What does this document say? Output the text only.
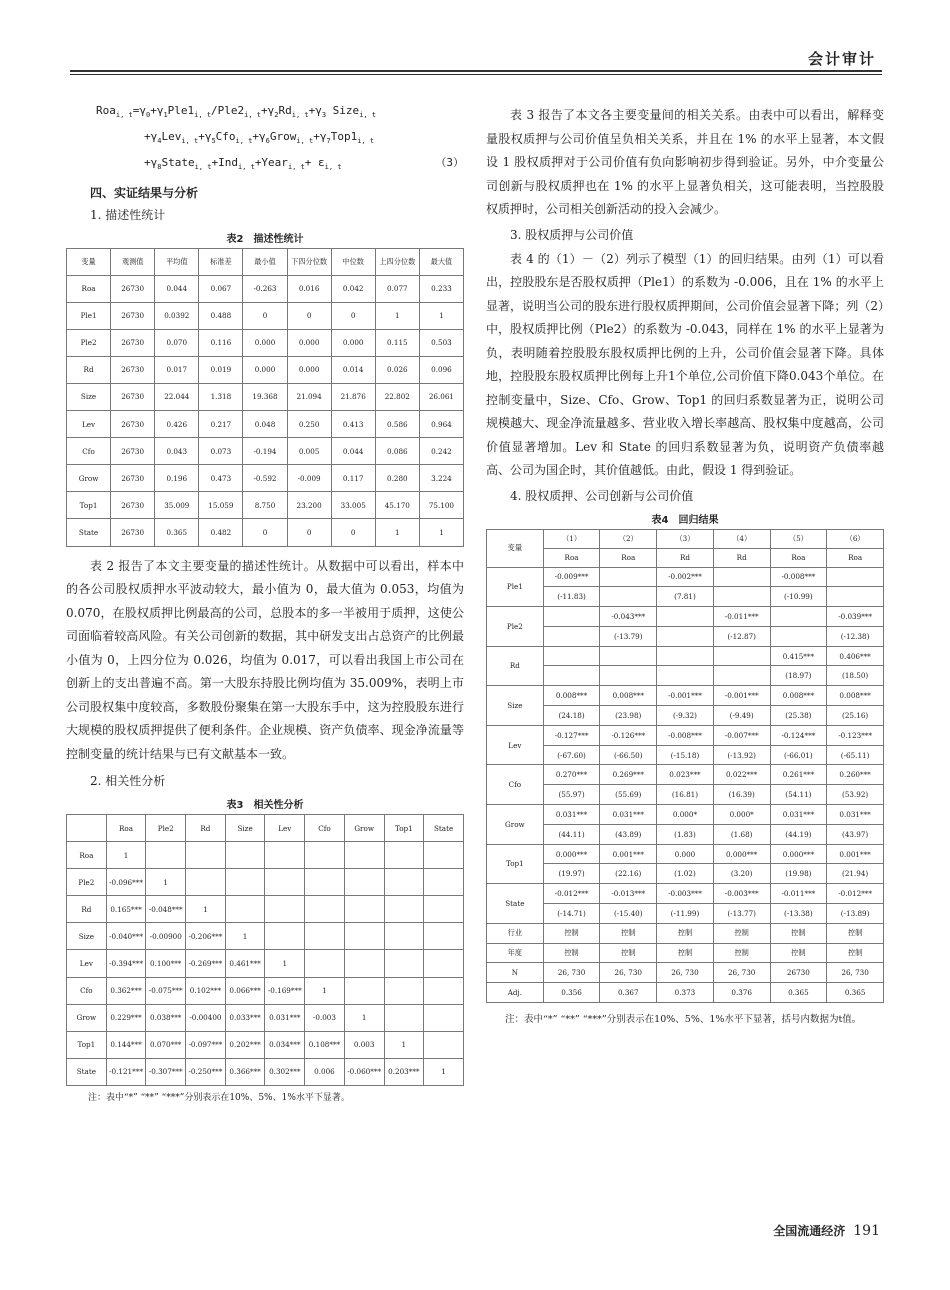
会计审计
$Roa_{i, t}=\gamma_0+\gamma_1Ple1_{i, t}/Ple2_{i, t}+\gamma_2Rd_{i, t}+\gamma_3$ Size$_{i, t}$
$+\gamma_4Lev_{i, t}+\gamma_5Cfo_{i, t}+\gamma_6Grow_{i, t}+\gamma_7Top1_{i, t}$
$+\gamma_8State_{i, t}+Ind_{i, t}+Year_{i, t}+ \varepsilon_{i, t}$	（3）
四、实证结果与分析
1. 描述性统计
表2　描述性统计
变量	观测值	平均值	标准差	最小值	下四分位数	中位数	上四分位数	最大值
Roa	26730	0.044	0.067	-0.263	0.016	0.042	0.077	0.233
Ple1	26730	0.0392	0.488	0	0	0	1	1
Ple2	26730	0.070	0.116	0.000	0.000	0.000	0.115	0.503
Rd	26730	0.017	0.019	0.000	0.000	0.014	0.026	0.096
Size	26730	22.044	1.318	19.368	21.094	21.876	22.802	26.061
Lev	26730	0.426	0.217	0.048	0.250	0.413	0.586	0.964
Cfo	26730	0.043	0.073	-0.194	0.005	0.044	0.086	0.242
Grow	26730	0.196	0.473	-0.592	-0.009	0.117	0.280	3.224
Top1	26730	35.009	15.059	8.750	23.200	33.005	45.170	75.100
State	26730	0.365	0.482	0	0	0	1	1

表 2 报告了本文主要变量的描述性统计。从数据中可以看出，样本中的各公司股权质押水平波动较大，最小值为 0，最大值为 0.053，均值为 0.070，在股权质押比例最高的公司，总股本的多一半被用于质押，这使公司面临着较高风险。有关公司创新的数据，其中研发支出占总资产的比例最小值为 0，上四分位为 0.026，均值为 0.017，可以看出我国上市公司在创新上的支出普遍不高。第一大股东持股比例均值为 35.009%，表明上市公司股权集中度较高，多数股份聚集在第一大股东手中，这为控股股东进行大规模的股权质押提供了便利条件。企业规模、资产负债率、现金净流量等控制变量的统计结果与已有文献基本一致。

2. 相关性分析
表3　相关性分析
	Roa	Ple2	Rd	Size	Lev	Cfo	Grow	Top1	State
Roa	1								
Ple2	-0.096***	1							
Rd	0.165***	-0.048***	1						
Size	-0.040***	-0.00900	-0.206***	1					
Lev	-0.394***	0.100***	-0.269***	0.461***	1				
Cfo	0.362***	-0.075***	0.102***	0.066***	-0.169***	1			
Grow	0.229***	0.038***	-0.00400	0.033***	0.031***	-0.003	1		
Top1	0.144***	0.070***	-0.097***	0.202***	0.034***	0.108***	0.003	1	
State	-0.121***	-0.307***	-0.250***	0.366***	0.302***	0.006	-0.060***	0.203***	1
注：表中“*” “**” “***”分别表示在10%、5%、1%水平下显著。

表 3 报告了本文各主要变量间的相关关系。由表中可以看出，解释变量股权质押与公司价值呈负相关关系，并且在 1% 的水平上显著，本文假设 1 股权质押对于公司价值有负向影响初步得到验证。另外，中介变量公司创新与股权质押也在 1% 的水平上显著负相关，这可能表明，当控股股权质押时，公司相关创新活动的投入会减少。

3. 股权质押与公司价值

表 4 的（1）－（2）列示了模型（1）的回归结果。由列（1）可以看出，控股股东是否股权质押（Ple1）的系数为 -0.006，且在 1% 的水平上显著，说明当公司的股东进行股权质押期间，公司价值会显著下降；列（2）中，股权质押比例（Ple2）的系数为 -0.043，同样在 1% 的水平上显著为负，表明随着控股股东股权质押比例的上升，公司价值会显著下降。具体地，控股股东股权质押比例每上升1个单位,公司价值下降0.043个单位。在控制变量中，Size、Cfo、Grow、Top1 的回归系数显著为正，说明公司规模越大、现金净流量越多、营业收入增长率越高、股权集中度越高，公司价值显著增加。Lev 和 State 的回归系数显著为负，说明资产负债率越高、公司为国企时，其价值越低。由此，假设 1 得到验证。

4. 股权质押、公司创新与公司价值
表4　回归结果
变量	（1）	（2）	（3）	（4）	（5）	（6）
	Roa	Roa	Rd	Rd	Roa	Roa
Ple1	-0.009***		-0.002***		-0.008***	
	(-11.83)		(7.81)		(-10.99)	
Ple2		-0.043***		-0.011***		-0.039***
		(-13.79)		(-12.87)		(-12.38)
Rd					0.415***	0.406***
					(18.97)	(18.50)
Size	0.008***	0.008***	-0.001***	-0.001***	0.008***	0.008***
	(24.18)	(23.98)	(-9.32)	(-9.49)	(25.38)	(25.16)
Lev	-0.127***	-0.126***	-0.008***	-0.007***	-0.124***	-0.123***
	(-67.60)	(-66.50)	(-15.18)	(-13.92)	(-66.01)	(-65.11)
Cfo	0.270***	0.269***	0.023***	0.022***	0.261***	0.260***
	(55.97)	(55.69)	(16.81)	(16.39)	(54.11)	(53.92)
Grow	0.031***	0.031***	0.000*	0.000*	0.031***	0.031***
	(44.11)	(43.89)	(1.83)	(1.68)	(44.19)	(43.97)
Top1	0.000***	0.001***	0.000	0.000***	0.000***	0.001***
	(19.97)	(22.16)	(1.02)	(3.20)	(19.98)	(21.94)
State	-0.012***	-0.013***	-0.003***	-0.003***	-0.011***	-0.012***
	(-14.71)	(-15.40)	(-11.99)	(-13.77)	(-13.38)	(-13.89)
行业	控制	控制	控制	控制	控制	控制
年度	控制	控制	控制	控制	控制	控制
N	26, 730	26, 730	26, 730	26, 730	26730	26, 730
Adj.	0.356	0.367	0.373	0.376	0.365	0.365
注：表中“*” “**” “***”分别表示在10%、5%、1%水平下显著，括号内数据为t值。
全国流通经济 191
